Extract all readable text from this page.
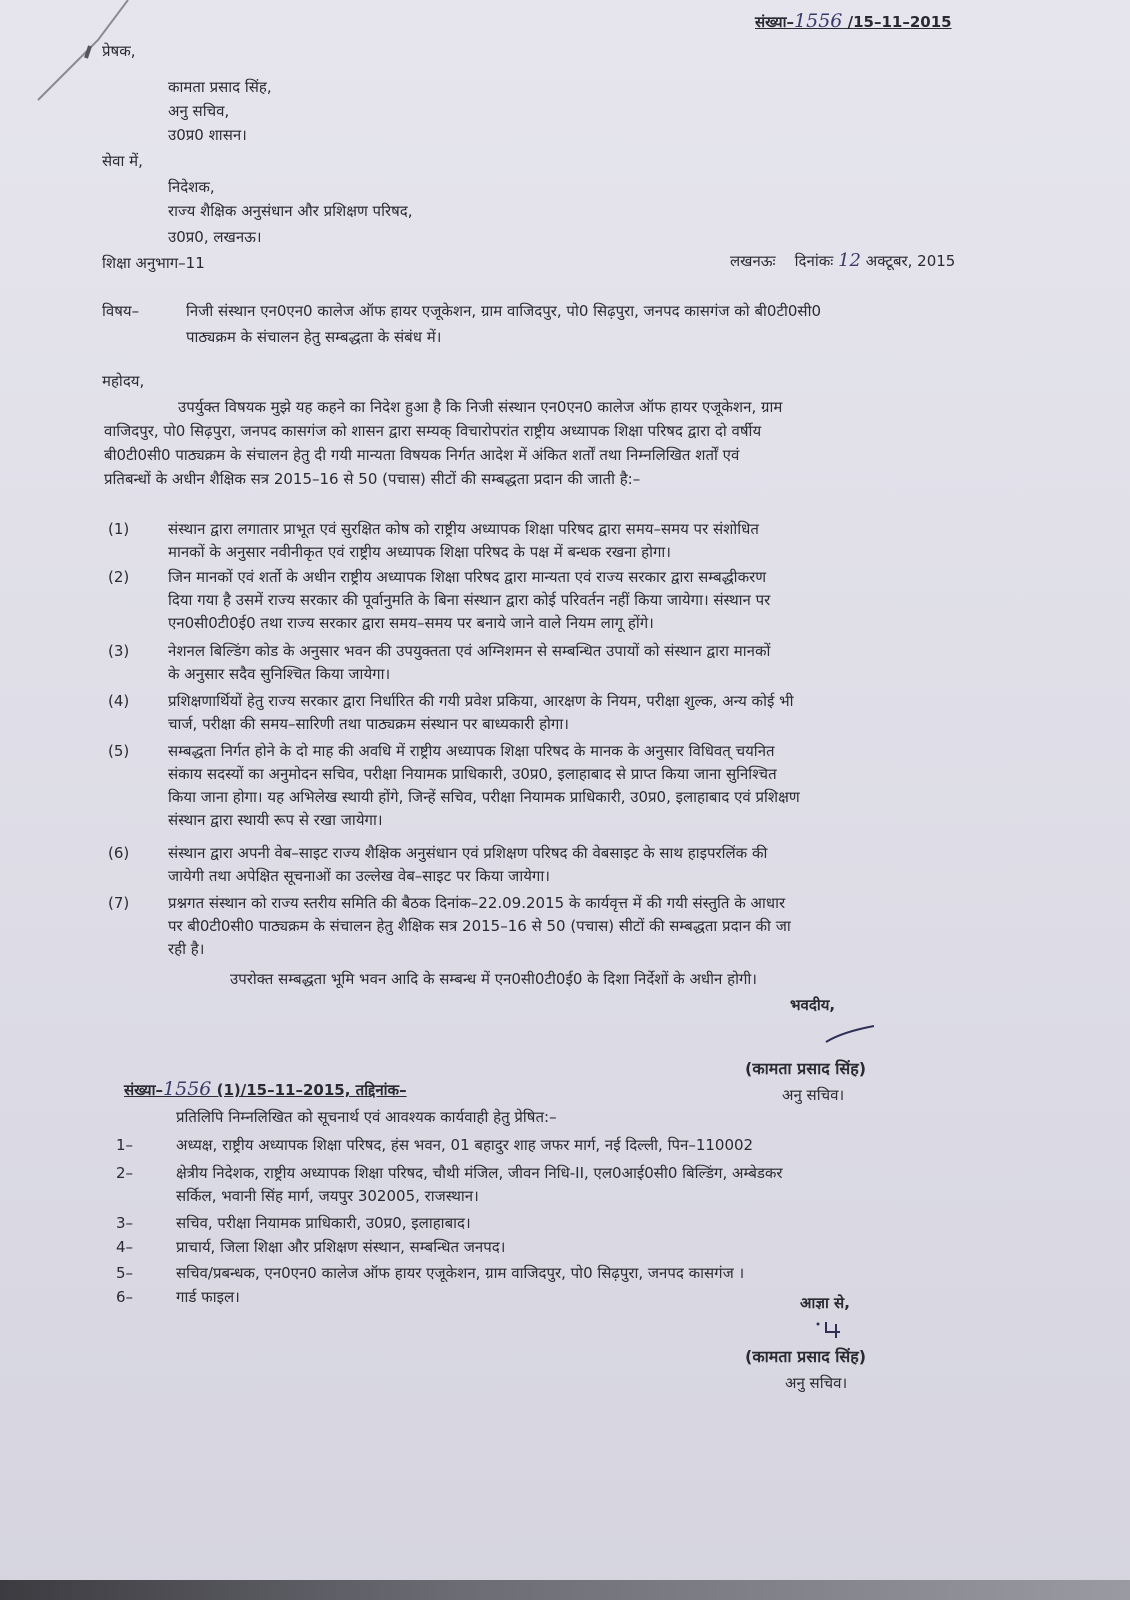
संख्या–1556 /15–11–2015
प्रेषक,
कामता प्रसाद सिंह,
अनु सचिव,
उ0प्र0 शासन।
सेवा में,
निदेशक,
राज्य शैक्षिक अनुसंधान और प्रशिक्षण परिषद,
उ0प्र0, लखनऊ।
शिक्षा अनुभाग–11	लखनऊः दिनांकः 12 अक्टूबर, 2015
विषय–	निजी संस्थान एन0एन0 कालेज ऑफ हायर एजूकेशन, ग्राम वाजिदपुर, पो0 सिढ़पुरा, जनपद कासगंज को बी0टी0सी0
पाठ्यक्रम के संचालन हेतु सम्बद्धता के संबंध में।
महोदय,
उपर्युक्त विषयक मुझे यह कहने का निदेश हुआ है कि निजी संस्थान एन0एन0 कालेज ऑफ हायर एजूकेशन, ग्राम
वाजिदपुर, पो0 सिढ़पुरा, जनपद कासगंज को शासन द्वारा सम्यक् विचारोपरांत राष्ट्रीय अध्यापक शिक्षा परिषद द्वारा दो वर्षीय
बी0टी0सी0 पाठ्यक्रम के संचालन हेतु दी गयी मान्यता विषयक निर्गत आदेश में अंकित शर्तों तथा निम्नलिखित शर्तों एवं
प्रतिबन्धों के अधीन शैक्षिक सत्र 2015–16 से 50 (पचास) सीटों की सम्बद्धता प्रदान की जाती है:–
(1)	संस्थान द्वारा लगातार प्राभूत एवं सुरक्षित कोष को राष्ट्रीय अध्यापक शिक्षा परिषद द्वारा समय–समय पर संशोधित
मानकों के अनुसार नवीनीकृत एवं राष्ट्रीय अध्यापक शिक्षा परिषद के पक्ष में बन्धक रखना होगा।
(2)	जिन मानकों एवं शर्तो के अधीन राष्ट्रीय अध्यापक शिक्षा परिषद द्वारा मान्यता एवं राज्य सरकार द्वारा सम्बद्धीकरण
दिया गया है उसमें राज्य सरकार की पूर्वानुमति के बिना संस्थान द्वारा कोई परिवर्तन नहीं किया जायेगा। संस्थान पर
एन0सी0टी0ई0 तथा राज्य सरकार द्वारा समय–समय पर बनाये जाने वाले नियम लागू होंगे।
(3)	नेशनल बिल्डिंग कोड के अनुसार भवन की उपयुक्तता एवं अग्निशमन से सम्बन्धित उपायों को संस्थान द्वारा मानकों
के अनुसार सदैव सुनिश्चित किया जायेगा।
(4)	प्रशिक्षणार्थियों हेतु राज्य सरकार द्वारा निर्धारित की गयी प्रवेश प्रकिया, आरक्षण के नियम, परीक्षा शुल्क, अन्य कोई भी
चार्ज, परीक्षा की समय–सारिणी तथा पाठ्यक्रम संस्थान पर बाध्यकारी होगा।
(5)	सम्बद्धता निर्गत होने के दो माह की अवधि में राष्ट्रीय अध्यापक शिक्षा परिषद के मानक के अनुसार विधिवत् चयनित
संकाय सदस्यों का अनुमोदन सचिव, परीक्षा नियामक प्राधिकारी, उ0प्र0, इलाहाबाद से प्राप्त किया जाना सुनिश्चित
किया जाना होगा। यह अभिलेख स्थायी होंगे, जिन्हें सचिव, परीक्षा नियामक प्राधिकारी, उ0प्र0, इलाहाबाद एवं प्रशिक्षण
संस्थान द्वारा स्थायी रूप से रखा जायेगा।
(6)	संस्थान द्वारा अपनी वेब–साइट राज्य शैक्षिक अनुसंधान एवं प्रशिक्षण परिषद की वेबसाइट के साथ हाइपरलिंक की
जायेगी तथा अपेक्षित सूचनाओं का उल्लेख वेब–साइट पर किया जायेगा।
(7)	प्रश्नगत संस्थान को राज्य स्तरीय समिति की बैठक दिनांक–22.09.2015 के कार्यवृत्त में की गयी संस्तुति के आधार
पर बी0टी0सी0 पाठ्यक्रम के संचालन हेतु शैक्षिक सत्र 2015–16 से 50 (पचास) सीटों की सम्बद्धता प्रदान की जा
रही है।
उपरोक्त सम्बद्धता भूमि भवन आदि के सम्बन्ध में एन0सी0टी0ई0 के दिशा निर्देशों के अधीन होगी।
भवदीय,
(कामता प्रसाद सिंह)
अनु सचिव।
संख्या–1556 (1)/15–11–2015, तद्दिनांक–
प्रतिलिपि निम्नलिखित को सूचनार्थ एवं आवश्यक कार्यवाही हेतु प्रेषित:–
1–	अध्यक्ष, राष्ट्रीय अध्यापक शिक्षा परिषद, हंस भवन, 01 बहादुर शाह जफर मार्ग, नई दिल्ली, पिन–110002
2–	क्षेत्रीय निदेशक, राष्ट्रीय अध्यापक शिक्षा परिषद, चौथी मंजिल, जीवन निधि-II, एल0आई0सी0 बिल्डिंग, अम्बेडकर
सर्किल, भवानी सिंह मार्ग, जयपुर 302005, राजस्थान।
3–	सचिव, परीक्षा नियामक प्राधिकारी, उ0प्र0, इलाहाबाद।
4–	प्राचार्य, जिला शिक्षा और प्रशिक्षण संस्थान, सम्बन्धित जनपद।
5–	सचिव/प्रबन्धक, एन0एन0 कालेज ऑफ हायर एजूकेशन, ग्राम वाजिदपुर, पो0 सिढ़पुरा, जनपद कासगंज ।
6–	गार्ड फाइल।	आज्ञा से,
(कामता प्रसाद सिंह)
अनु सचिव।
